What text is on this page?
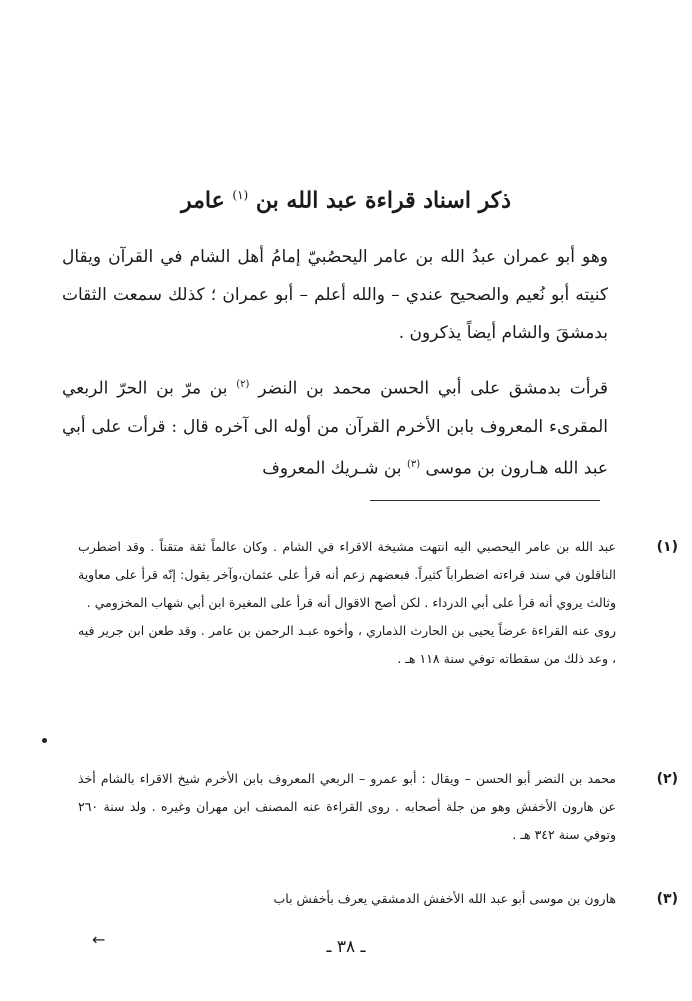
ذكر اسناد قراءة عبد الله بن $^{(١)}$ عامر
وهو أبو عمران عبدُ الله بن عامر اليحصُبيّ إمامُ أهل الشام في القرآن ويقال كنيته أبو نُعيم والصحيح عندي – والله أعلم – أبو عمران ؛ كذلك سمعت الثقات بدمشقَ والشام أيضاً يذكرون .
قرأت بدمشق على أبي الحسن محمد بن النضر $^{(٢)}$ بن مرّ بن الحرّ الربعي المقرىء المعروف بابن الأخرم القرآن من أوله الى آخره قال : قرأت على أبي عبد الله هـارون بن موسى $^{(٣)}$ بن شـريك المعروف
(١)

عبد الله بن عامر اليحصبي اليه انتهت مشيخة الاقراء في الشام . وكان عالماً ثقة متقناً . وقد اضطرب الناقلون في سند قراءته اضطراباً كثيراً. فبعضهم زعم أنه قرأ على عثمان،وآخر يقول: إنّه قرأ على معاوية وثالث يروي أنه قرأ على أبي الدرداء . لكن أصح الاقوال أنه قرأ على المغيرة ابن أبي شهاب المخزومي .

روى عنه القراءة عرضاً يحيى بن الحارث الذماري ، وأخوه عبـد الرحمن بن عامر . وقد طعن ابن جرير فيه ، وعد ذلك من سقطاته توفي سنة ١١٨ هـ .

(٢)

محمد بن النضر أبو الحسن – ويقال : أبو عمرو – الربعي المعروف بابن الأخرم شيخ الاقراء بالشام أخذ عن هارون الأخفش وهو من جلة أصحابه . روى القراءة عنه المصنف ابن مهران وغيره . ولد سنة ٢٦٠ وتوفي سنة ٣٤٢ هـ .

(٣)

هارون بن موسى أبو عبد الله الأخفش الدمشقي يعرف بأخفش باب

←	ـ ٣٨ ـ
